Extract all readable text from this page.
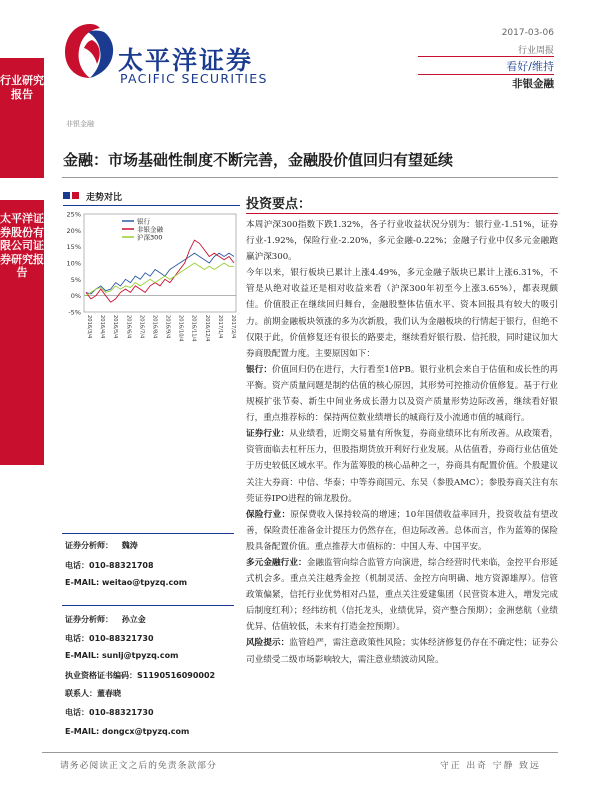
行业研究报告
太平洋证券股份有限公司证券研究报告
太平洋证券
PACIFIC SECURITIES
2017-03-06
行业周报
看好/维持
非银金融
非银金融
金融：市场基础性制度不断完善，金融股价值回归有望延续
走势对比
25%
20%
15%
10%
5%
0%
-5%
2016/3/4 2016/4/4 2016/5/4 2016/6/4 2016/7/4 2016/8/4 2016/9/4 2016/10/4 2016/11/4 2016/12/4 2017/1/4 2017/2/4
银行
非银金融
沪深300
投资要点：

本周沪深300指数下跌1.32%，各子行业收益状况分别为：银行业-1.51%，证券行业-1.92%，保险行业-2.20%，多元金融-0.22%；金融子行业中仅多元金融跑赢沪深300。

今年以来，银行板块已累计上涨4.49%，多元金融子版块已累计上涨6.31%，不管是从绝对收益还是相对收益来看（沪深300年初至今上涨3.65%），都表现颇佳。价值股正在继续回归舞台，金融股整体估值水平、资本回报具有较大的吸引力。前期金融板块领涨的多为次新股，我们认为金融板块的行情起于银行，但绝不仅限于此，价值修复还有很长的路要走，继续看好银行股、信托股，同时建议加大券商股配置力度。主要原因如下：

银行：价值回归仍在进行，大行看至1倍PB。银行业机会来自于估值和成长性的再平衡。资产质量问题是制约估值的核心原因，其形势可控推动价值修复。基于行业规模扩张节奏、新生中间业务成长潜力以及资产质量形势边际改善，继续看好银行，重点推荐标的：保持两位数业绩增长的城商行及小流通市值的城商行。

证券行业：从业绩看，近期交易量有所恢复，券商业绩环比有所改善。从政策看，资管面临去杠杆压力，但股指期货放开利好行业发展。从估值看，券商行业估值处于历史较低区域水平。作为蓝筹股的核心品种之一，券商具有配置价值。个股建议关注大券商：中信、华泰；中等券商国元、东吴（参股AMC）；参股券商关注有东莞证券IPO进程的锦龙股份。

保险行业：原保费收入保持较高的增速；10年国债收益率回升，投资收益有望改善，保险责任准备金计提压力仍然存在，但边际改善。总体而言，作为蓝筹的保险股具备配置价值。重点推荐大市值标的：中国人寿、中国平安。

多元金融行业：金融监管向综合监管方向演进，综合经营时代来临，金控平台形延式机会多。重点关注越秀金控（机制灵活、金控方向明确、地方资源雄厚）。信管政策偏紧，信托行业优势相对凸显，重点关注爱建集团（民营资本进入，增发完成后制度红利）；经纬纺机（信托龙头，业绩优异，资产整合预期）；金洲慈航（业绩优异、估值较低，未来有打造金控预期）。

风险提示：监管趋严，需注意政策性风险；实体经济修复仍存在不确定性；证券公司业绩受二级市场影响较大，需注意业绩波动风险。

证券分析师： 魏涛
电话：010-88321708
E-MAIL: weitao@tpyzq.com
证券分析师： 孙立金
电话：010-88321730
E-MAIL: sunlj@tpyzq.com
执业资格证书编码：S1190516090002
联系人：董春晓
电话：010-88321730
E-MAIL: dongcx@tpyzq.com
请务必阅读正文之后的免责条款部分	守正 出奇 宁静 致远
